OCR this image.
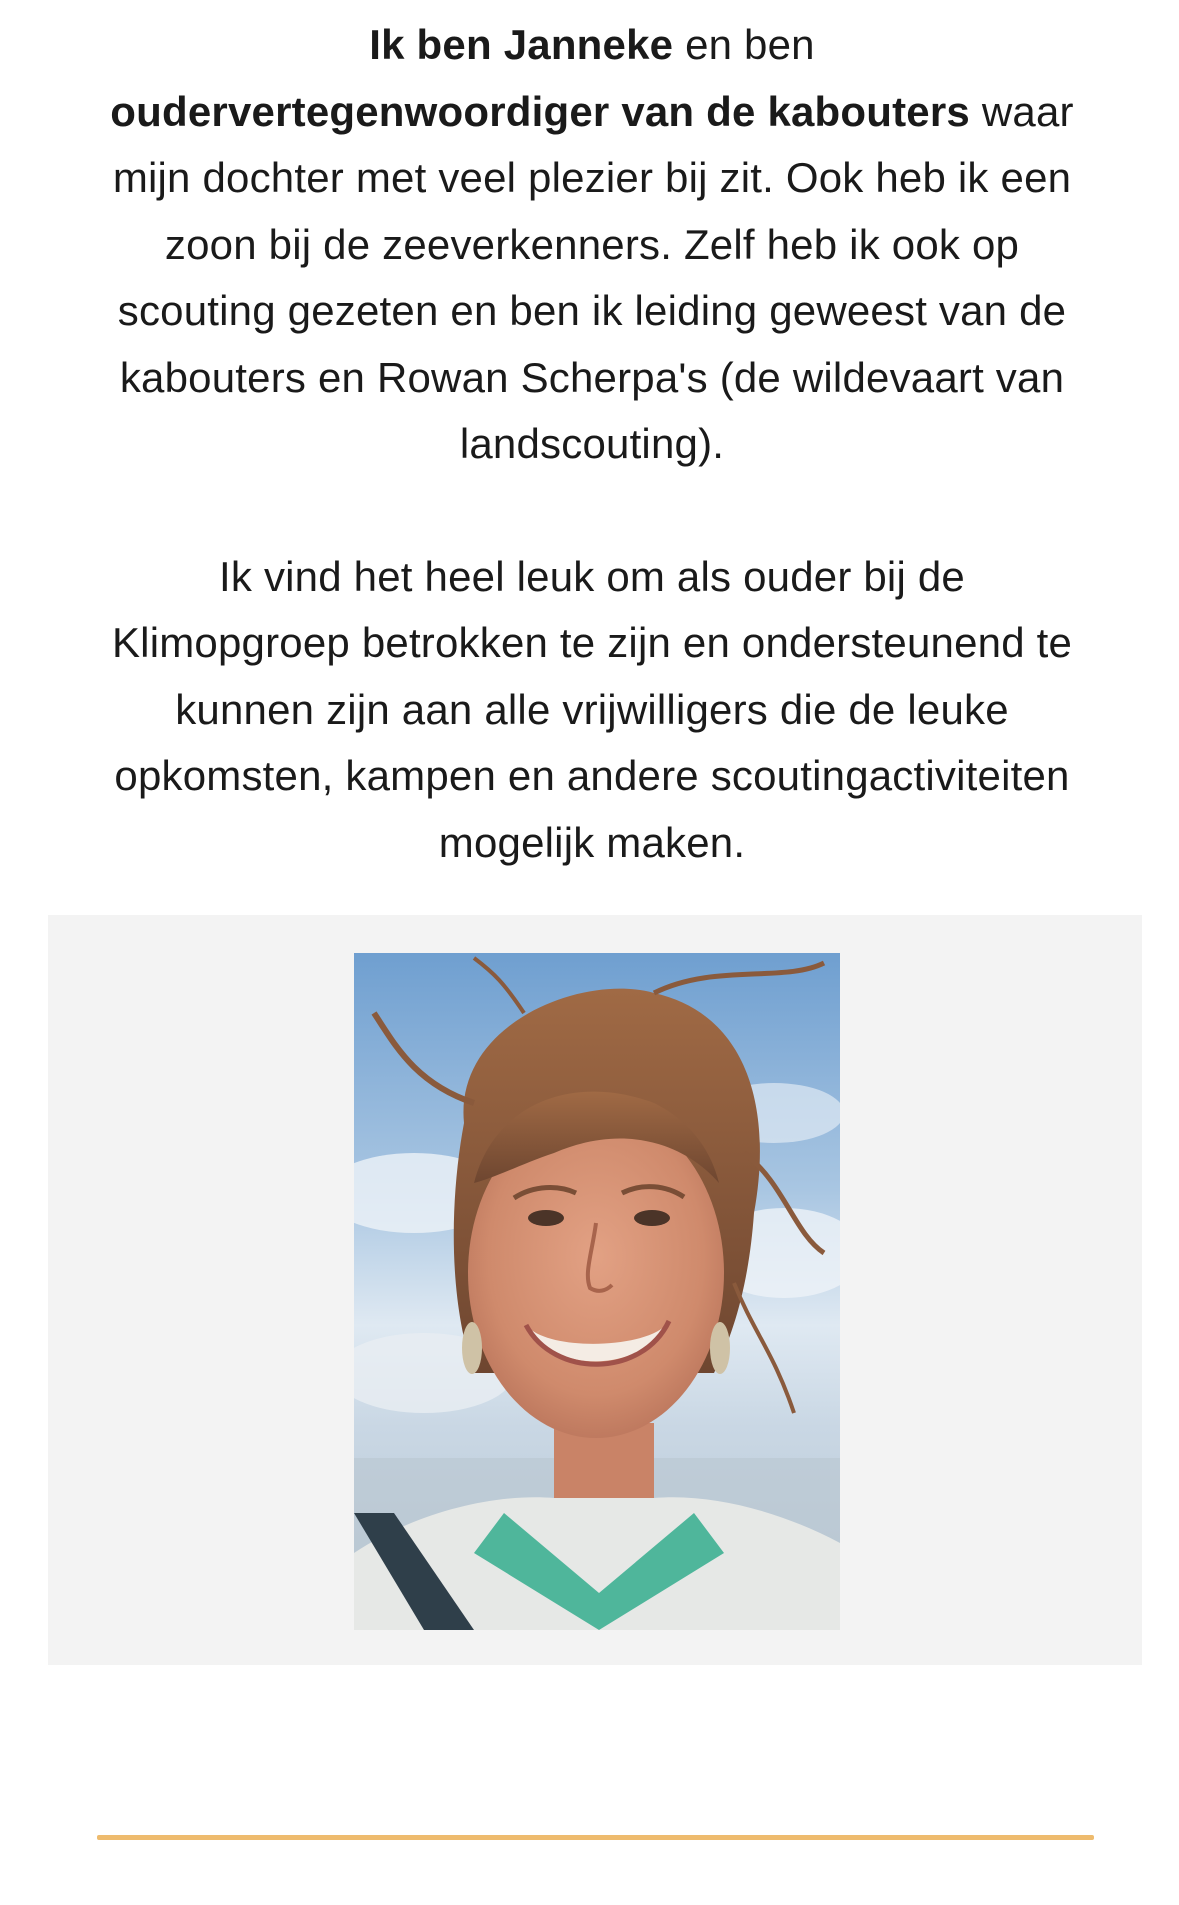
Ik ben Janneke en ben
oudervertegenwoordiger van de kabouters waar mijn dochter met veel plezier bij zit. Ook heb ik een zoon bij de zeeverkenners. Zelf heb ik ook op scouting gezeten en ben ik leiding geweest van de kabouters en Rowan Scherpa's (de wildevaart van landscouting).

Ik vind het heel leuk om als ouder bij de Klimopgroep betrokken te zijn en ondersteunend te kunnen zijn aan alle vrijwilligers die de leuke opkomsten, kampen en andere scoutingactiviteiten mogelijk maken.
